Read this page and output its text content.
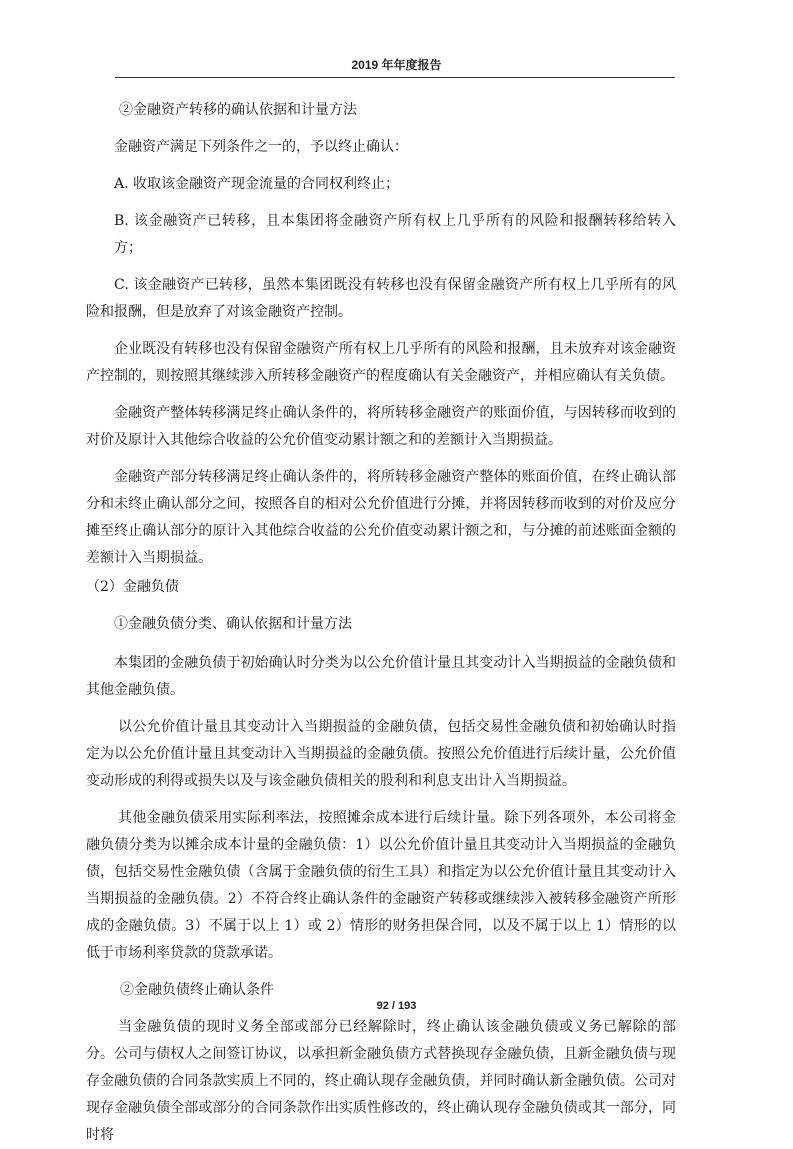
2019 年年度报告

②金融资产转移的确认依据和计量方法

金融资产满足下列条件之一的，予以终止确认：

A. 收取该金融资产现金流量的合同权利终止；

B. 该金融资产已转移，且本集团将金融资产所有权上几乎所有的风险和报酬转移给转入方；

C. 该金融资产已转移，虽然本集团既没有转移也没有保留金融资产所有权上几乎所有的风险和报酬，但是放弃了对该金融资产控制。

企业既没有转移也没有保留金融资产所有权上几乎所有的风险和报酬，且未放弃对该金融资产控制的，则按照其继续涉入所转移金融资产的程度确认有关金融资产，并相应确认有关负债。

金融资产整体转移满足终止确认条件的，将所转移金融资产的账面价值，与因转移而收到的对价及原计入其他综合收益的公允价值变动累计额之和的差额计入当期损益。

金融资产部分转移满足终止确认条件的，将所转移金融资产整体的账面价值，在终止确认部分和未终止确认部分之间，按照各自的相对公允价值进行分摊，并将因转移而收到的对价及应分摊至终止确认部分的原计入其他综合收益的公允价值变动累计额之和，与分摊的前述账面金额的差额计入当期损益。

（2）金融负债

①金融负债分类、确认依据和计量方法

本集团的金融负债于初始确认时分类为以公允价值计量且其变动计入当期损益的金融负债和其他金融负债。

以公允价值计量且其变动计入当期损益的金融负债，包括交易性金融负债和初始确认时指定为以公允价值计量且其变动计入当期损益的金融负债。按照公允价值进行后续计量，公允价值变动形成的利得或损失以及与该金融负债相关的股利和利息支出计入当期损益。

其他金融负债采用实际利率法，按照摊余成本进行后续计量。除下列各项外，本公司将金融负债分类为以摊余成本计量的金融负债：1）以公允价值计量且其变动计入当期损益的金融负债，包括交易性金融负债（含属于金融负债的衍生工具）和指定为以公允价值计量且其变动计入当期损益的金融负债。2）不符合终止确认条件的金融资产转移或继续涉入被转移金融资产所形成的金融负债。3）不属于以上 1）或 2）情形的财务担保合同，以及不属于以上 1）情形的以低于市场利率贷款的贷款承诺。

②金融负债终止确认条件

当金融负债的现时义务全部或部分已经解除时，终止确认该金融负债或义务已解除的部分。公司与债权人之间签订协议，以承担新金融负债方式替换现存金融负债，且新金融负债与现存金融负债的合同条款实质上不同的，终止确认现存金融负债，并同时确认新金融负债。公司对现存金融负债全部或部分的合同条款作出实质性修改的，终止确认现存金融负债或其一部分，同时将

92 / 193
